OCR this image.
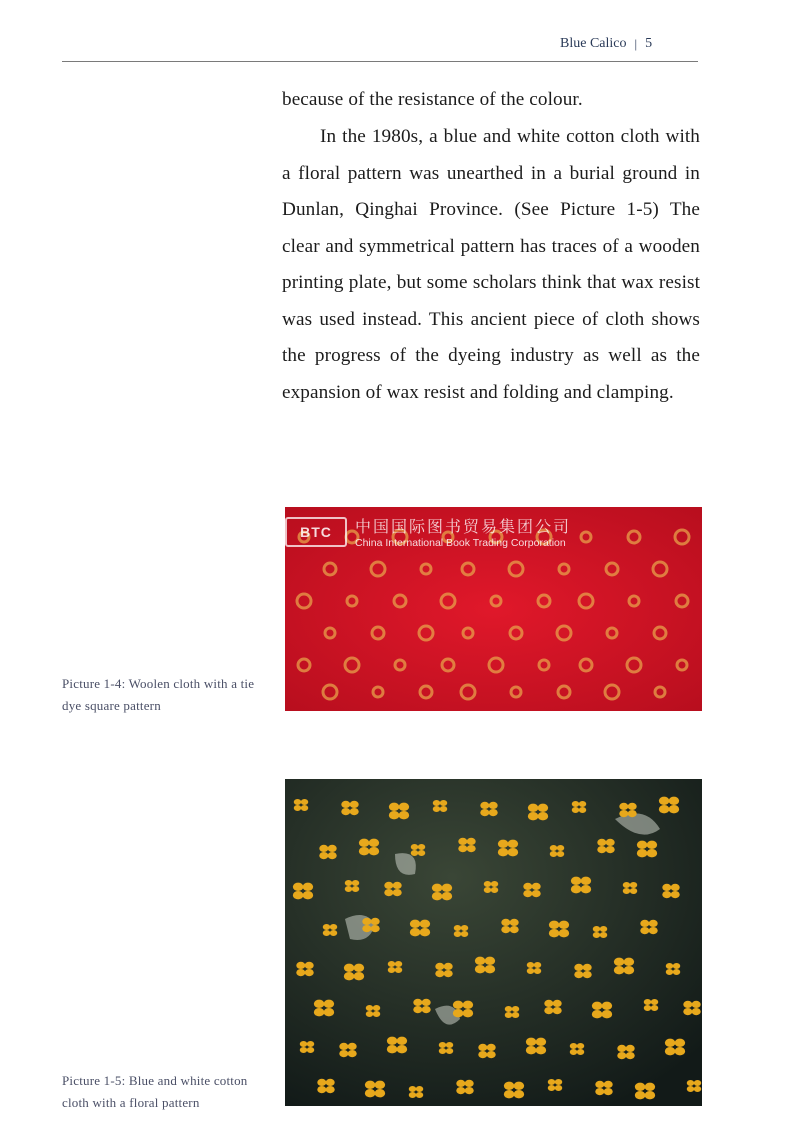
Blue Calico | 5

because of the resistance of the colour.

In the 1980s, a blue and white cotton cloth with a floral pattern was unearthed in a burial ground in Dunlan, Qinghai Province. (See Picture 1-5) The clear and symmetrical pattern has traces of a wooden printing plate, but some scholars think that wax resist was used instead. This ancient piece of cloth shows the progress of the dyeing industry as well as the expansion of wax resist and folding and clamping.

BTC	中国国际图书贸易集团公司
China International Book Trading Corporation
Picture 1-4: Woolen cloth with a tie dye square pattern
Picture 1-5: Blue and white cotton cloth with a floral pattern
